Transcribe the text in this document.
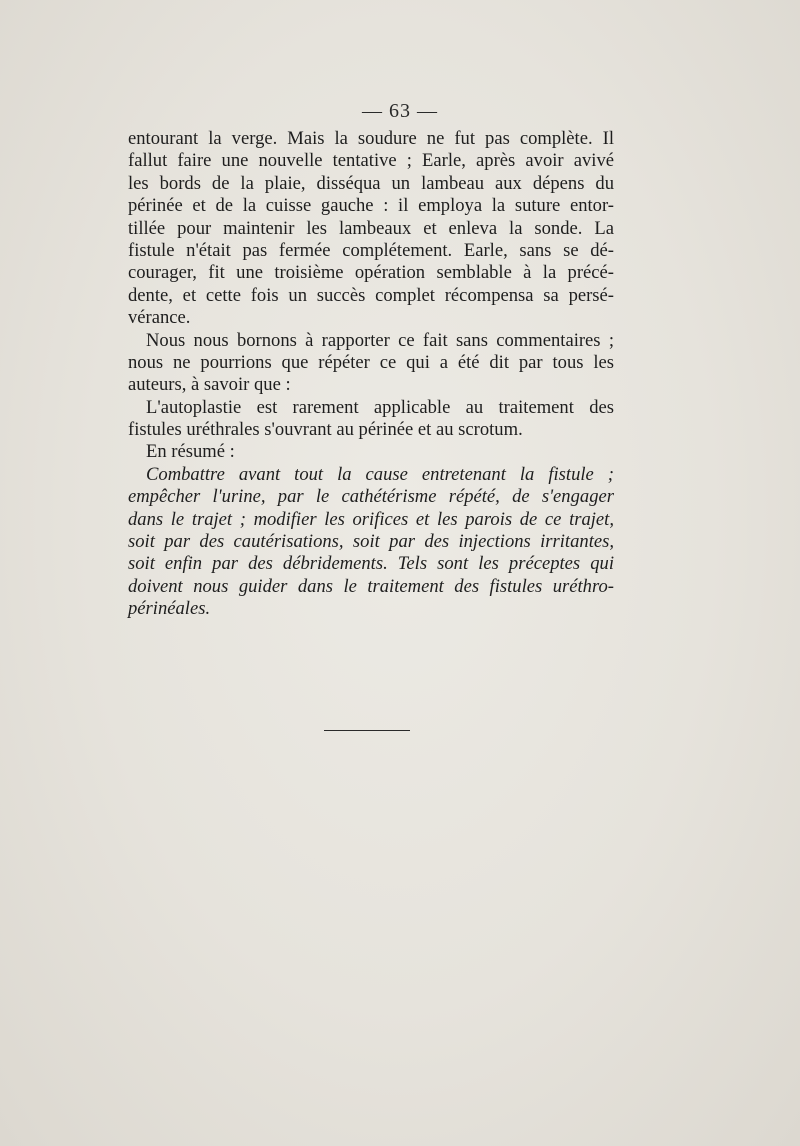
— 63 —
entourant la verge. Mais la soudure ne fut pas complète. Il
fallut faire une nouvelle tentative ; Earle, après avoir avivé
les bords de la plaie, disséqua un lambeau aux dépens du
périnée et de la cuisse gauche : il employa la suture entor-
tillée pour maintenir les lambeaux et enleva la sonde. La
fistule n'était pas fermée complétement. Earle, sans se dé-
courager, fit une troisième opération semblable à la précé-
dente, et cette fois un succès complet récompensa sa persé-
vérance.
Nous nous bornons à rapporter ce fait sans commentaires ;
nous ne pourrions que répéter ce qui a été dit par tous les
auteurs, à savoir que :
L'autoplastie est rarement applicable au traitement des
fistules uréthrales s'ouvrant au périnée et au scrotum.
En résumé :
Combattre avant tout la cause entretenant la fistule ;
empêcher l'urine, par le cathétérisme répété, de s'engager
dans le trajet ; modifier les orifices et les parois de ce trajet,
soit par des cautérisations, soit par des injections irritantes,
soit enfin par des débridements. Tels sont les préceptes qui
doivent nous guider dans le traitement des fistules uréthro-
périnéales.
